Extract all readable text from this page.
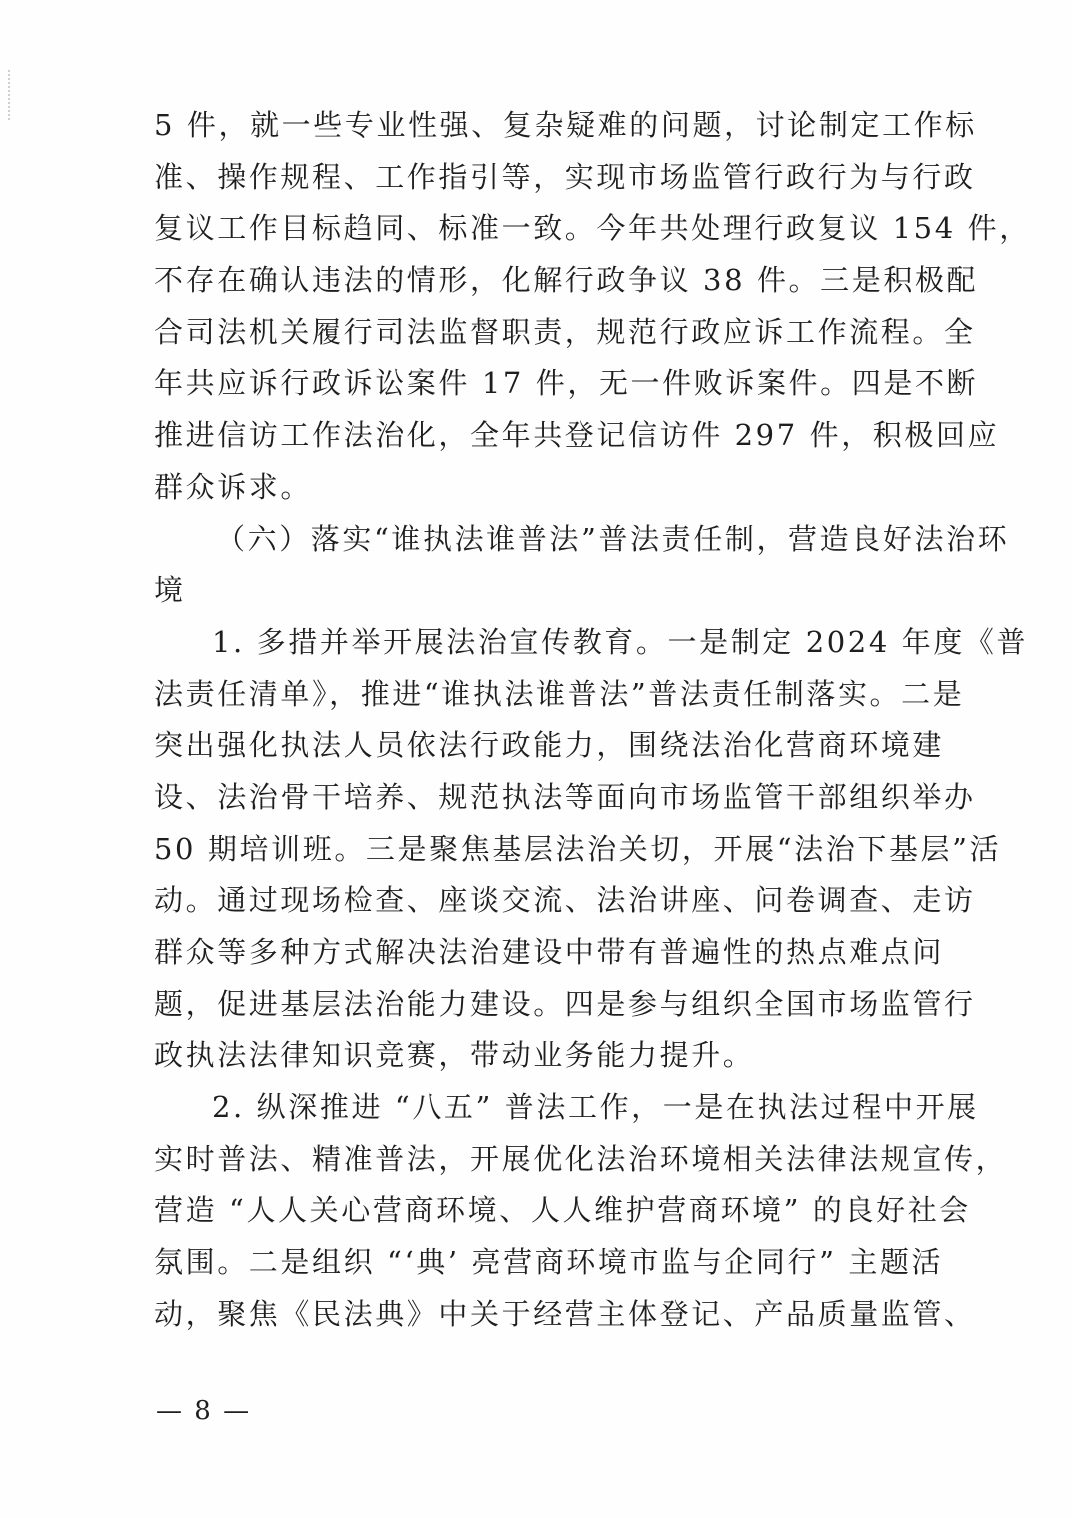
5 件，就一些专业性强、复杂疑难的问题，讨论制定工作标
准、操作规程、工作指引等，实现市场监管行政行为与行政
复议工作目标趋同、标准一致。今年共处理行政复议 154 件，
不存在确认违法的情形，化解行政争议 38 件。三是积极配
合司法机关履行司法监督职责，规范行政应诉工作流程。全
年共应诉行政诉讼案件 17 件，无一件败诉案件。四是不断
推进信访工作法治化，全年共登记信访件 297 件，积极回应
群众诉求。
（六）落实“谁执法谁普法”普法责任制，营造良好法治环
境
1. 多措并举开展法治宣传教育。一是制定 2024 年度《普
法责任清单》，推进“谁执法谁普法”普法责任制落实。二是
突出强化执法人员依法行政能力，围绕法治化营商环境建
设、法治骨干培养、规范执法等面向市场监管干部组织举办
50 期培训班。三是聚焦基层法治关切，开展“法治下基层”活
动。通过现场检查、座谈交流、法治讲座、问卷调查、走访
群众等多种方式解决法治建设中带有普遍性的热点难点问
题，促进基层法治能力建设。四是参与组织全国市场监管行
政执法法律知识竞赛，带动业务能力提升。
2. 纵深推进 “八五” 普法工作，一是在执法过程中开展
实时普法、精准普法，开展优化法治环境相关法律法规宣传，
营造 “人人关心营商环境、人人维护营商环境” 的良好社会
氛围。二是组织 “‘典’ 亮营商环境市监与企同行” 主题活
动，聚焦《民法典》中关于经营主体登记、产品质量监管、
— 8 —
